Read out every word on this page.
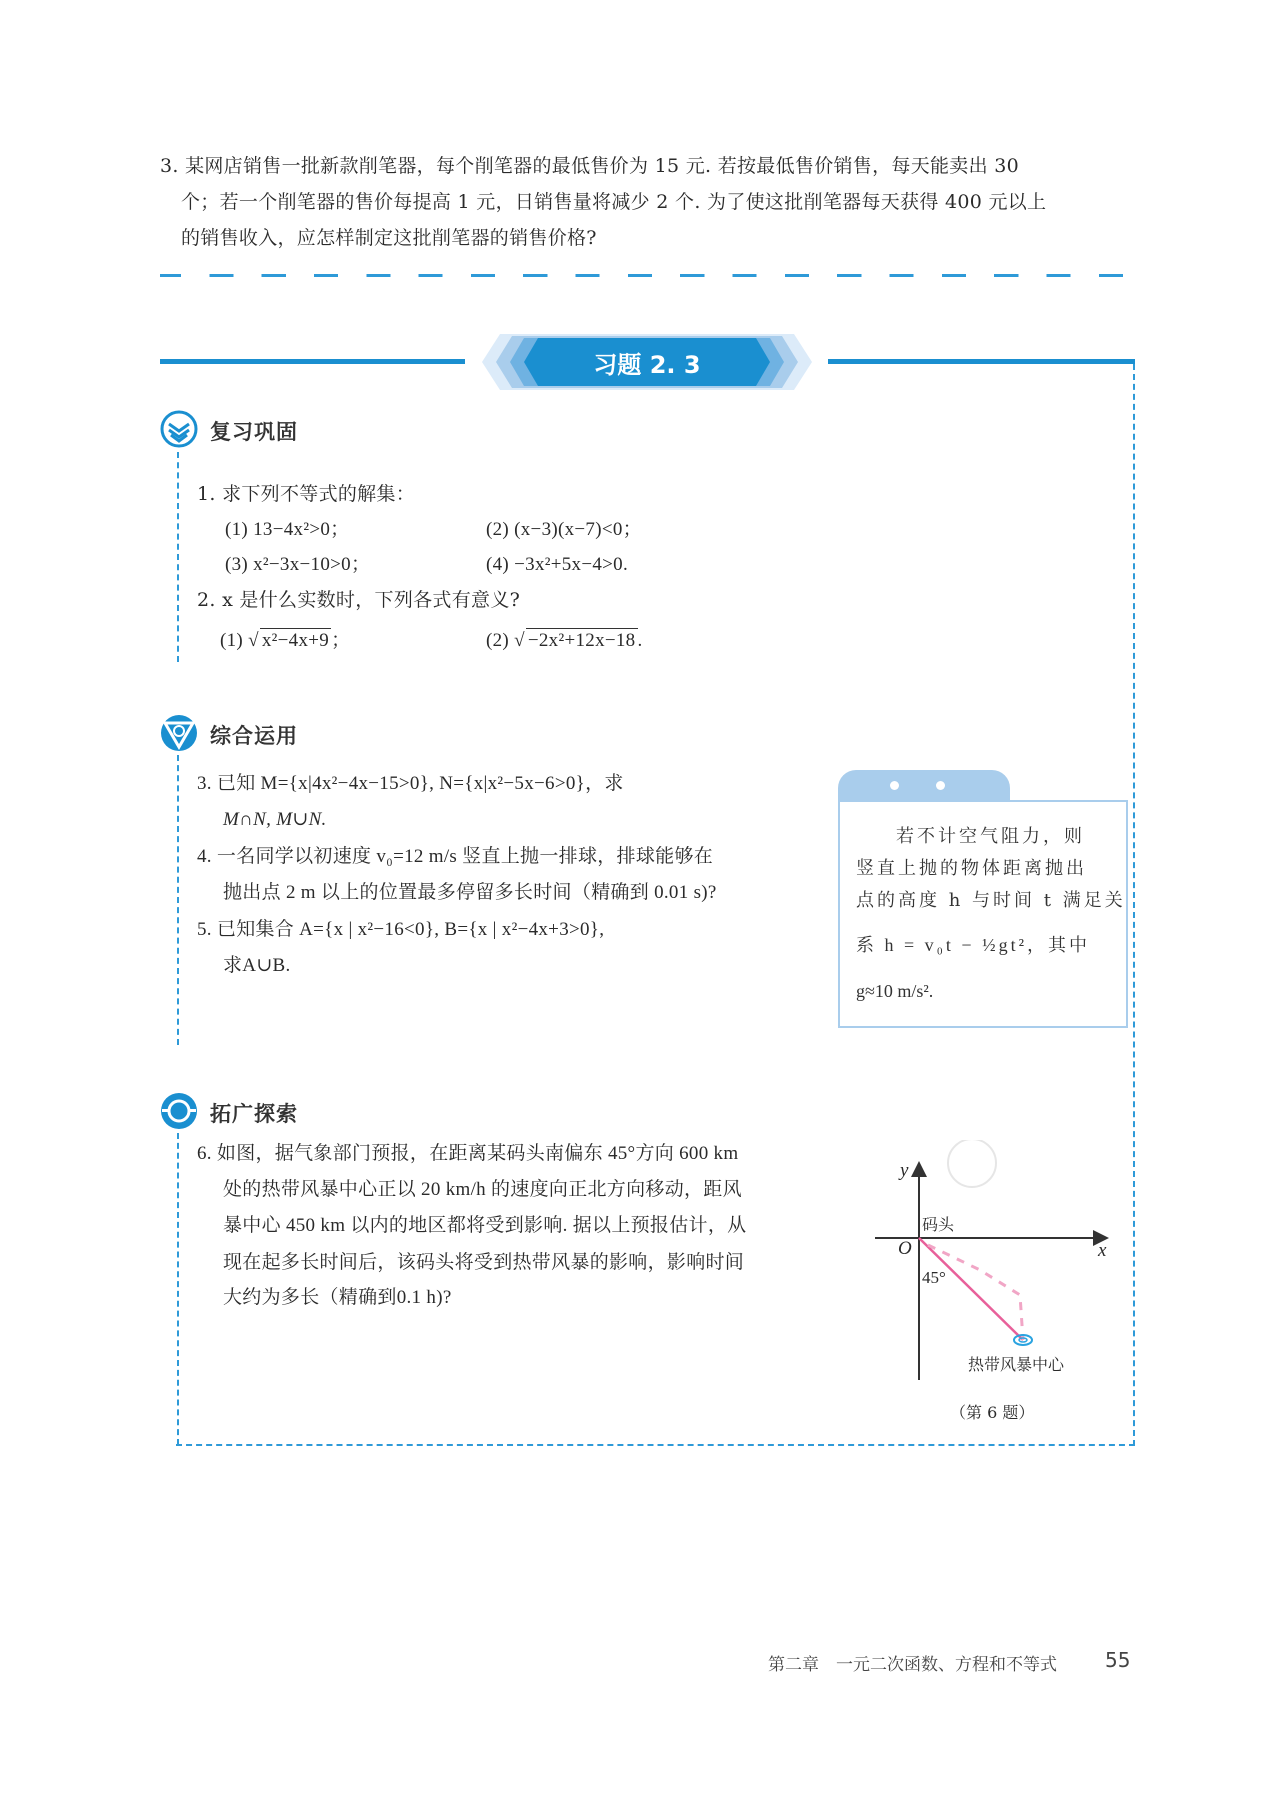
3. 某网店销售一批新款削笔器，每个削笔器的最低售价为 15 元. 若按最低售价销售，每天能卖出 30
个；若一个削笔器的售价每提高 1 元，日销售量将减少 2 个. 为了使这批削笔器每天获得 400 元以上
的销售收入，应怎样制定这批削笔器的销售价格?
习题 2. 3
复习巩固
1. 求下列不等式的解集：
(1) 13−4x²>0；	(2) (x−3)(x−7)<0；
(3) x²−3x−10>0；	(4) −3x²+5x−4>0.
2. x 是什么实数时，下列各式有意义?
(1) √ x²−4x+9 ；	(2) √ −2x²+12x−18 .
综合运用
3. 已知 M={x|4x²−4x−15>0}, N={x|x²−5x−6>0}，求
M∩N, M∪N.
4. 一名同学以初速度 v₀=12 m/s 竖直上抛一排球，排球能够在
抛出点 2 m 以上的位置最多停留多长时间（精确到 0.01 s)?
5. 已知集合 A={x | x²−16<0}, B={x | x²−4x+3>0},
求A∪B.
若不计空气阻力，则
竖直上抛的物体距离抛出
点的高度 h 与时间 t 满足关
系 h = v₀t − ½gt²，其中
g≈10 m/s².
拓广探索
6. 如图，据气象部门预报，在距离某码头南偏东 45°方向 600 km
处的热带风暴中心正以 20 km/h 的速度向正北方向移动，距风
暴中心 450 km 以内的地区都将受到影响. 据以上预报估计，从
现在起多长时间后，该码头将受到热带风暴的影响，影响时间
大约为多长（精确到0.1 h)?
y
x
O
码头
45°
热带风暴中心
（第 6 题）
第二章　一元二次函数、方程和不等式 55
